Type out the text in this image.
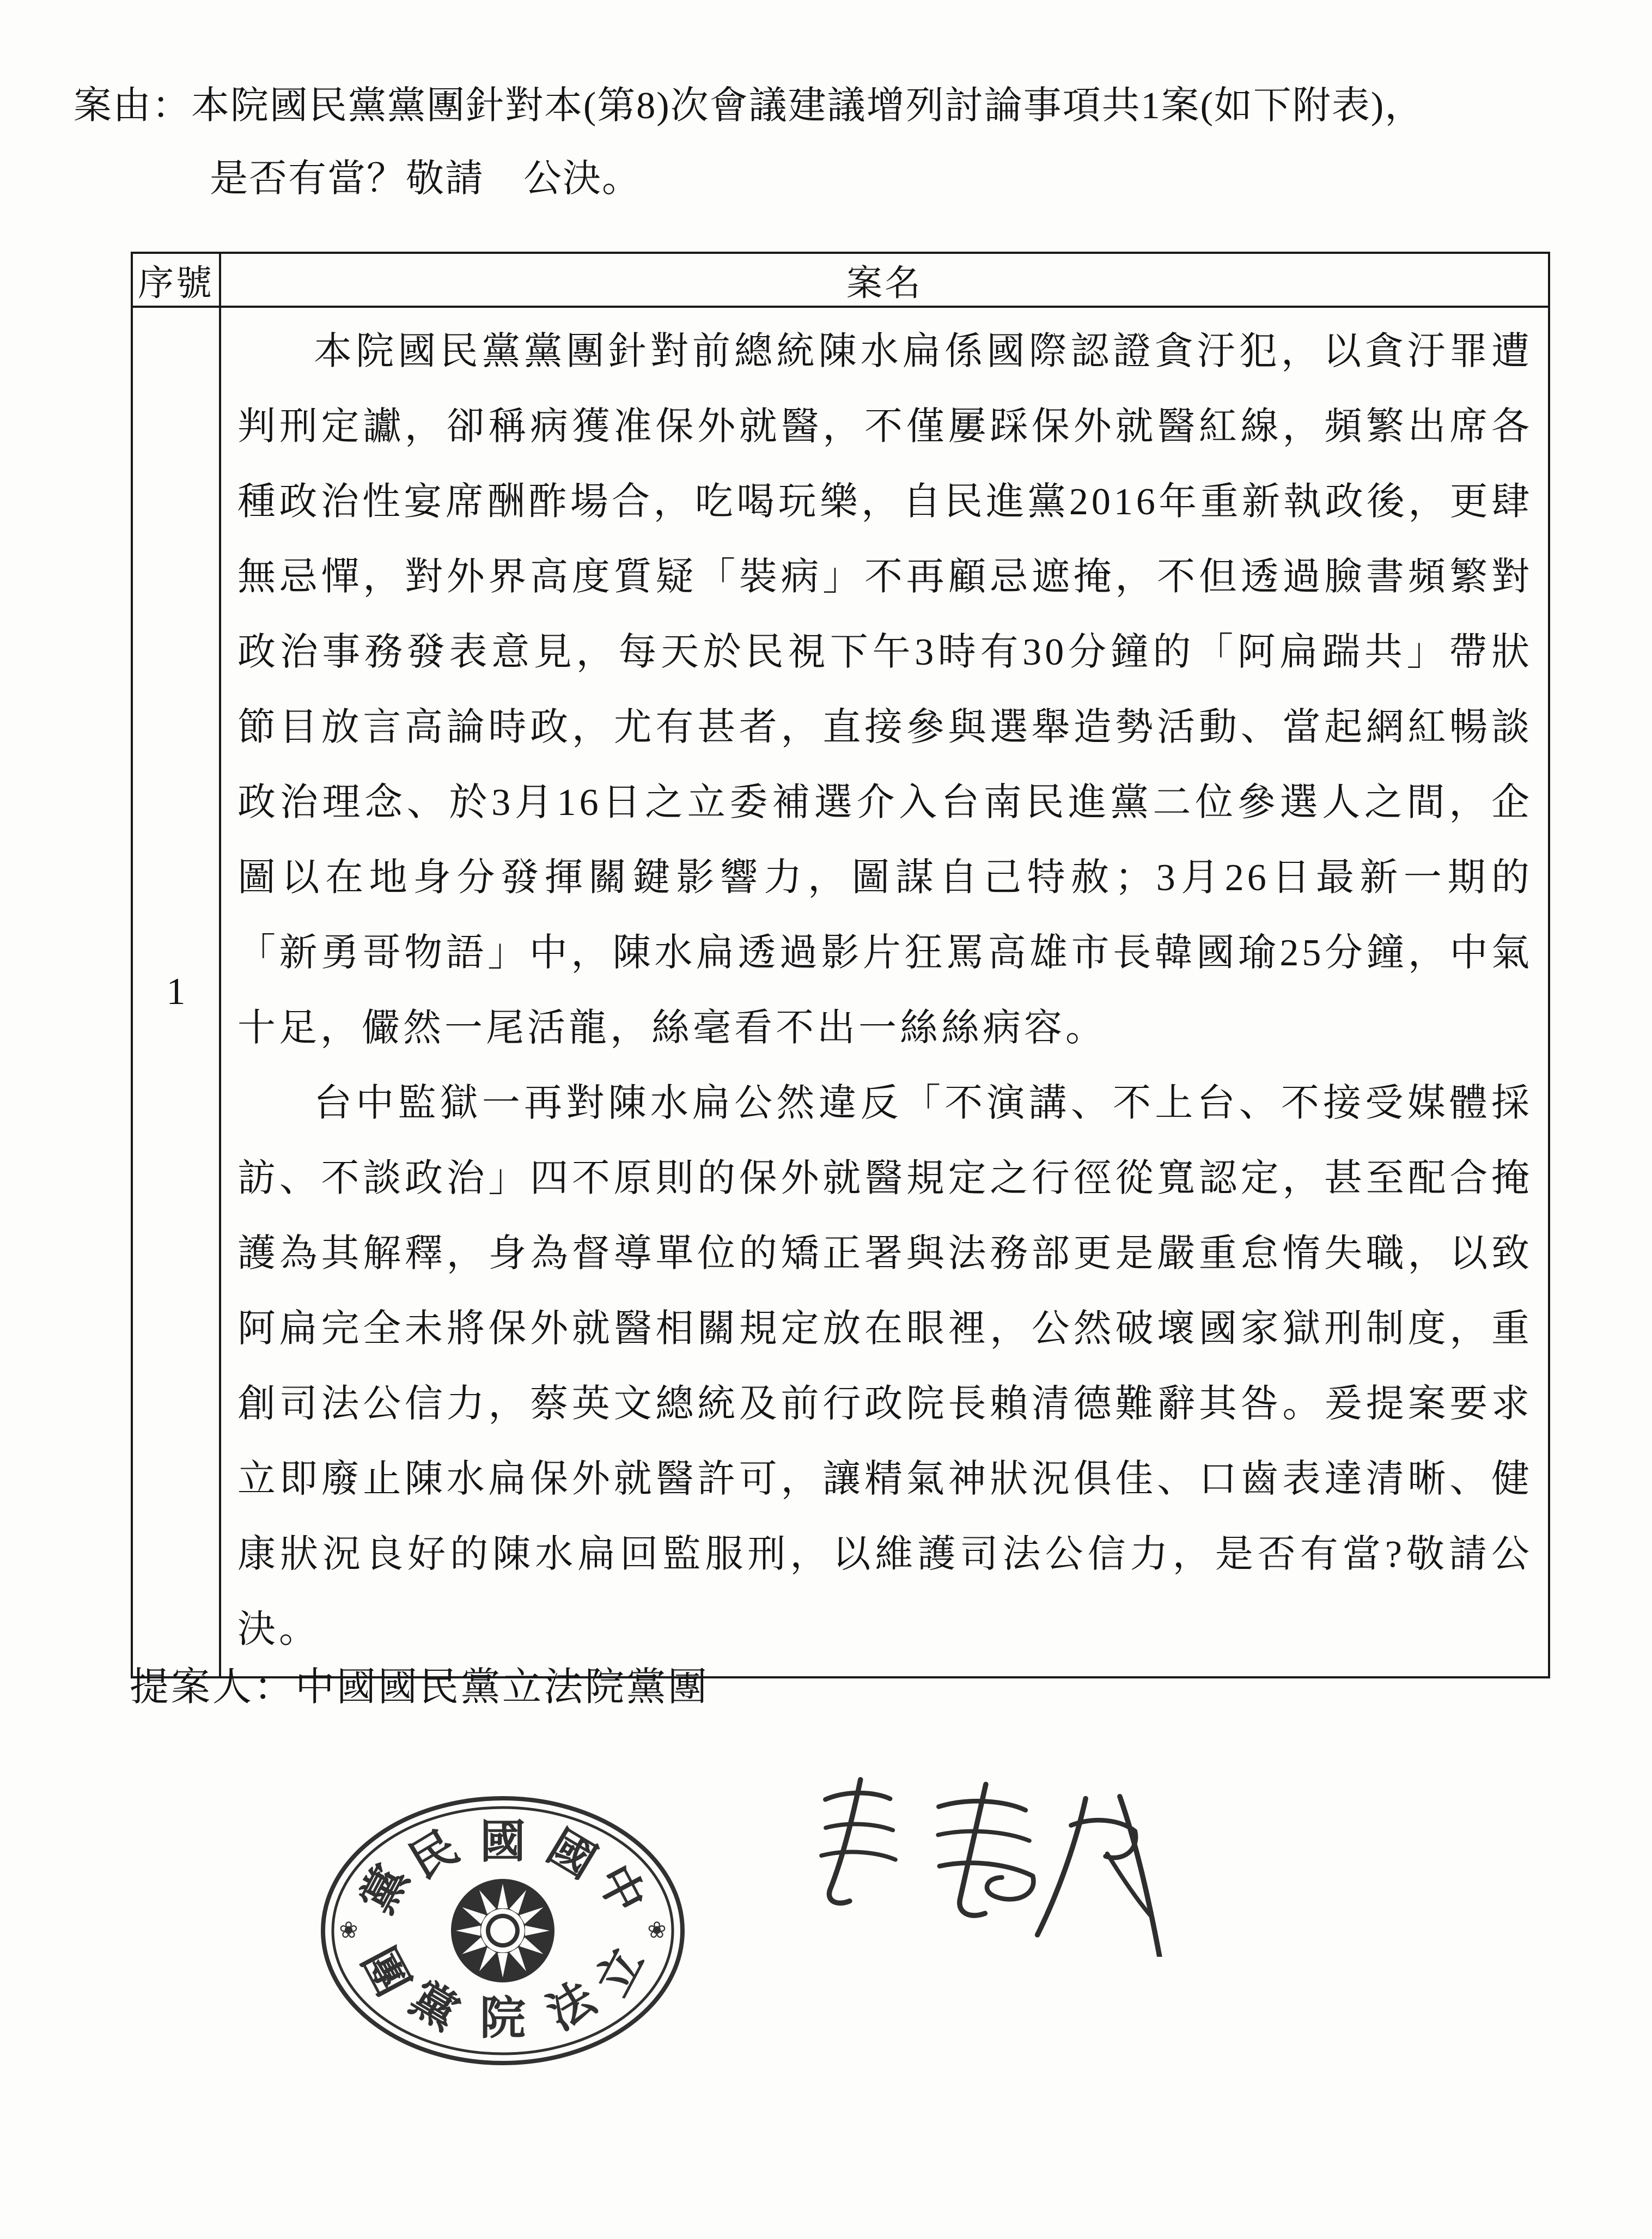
案由：本院國民黨黨團針對本(第8)次會議建議增列討論事項共1案(如下附表)，
是否有當？敬請　公決。
序號	案名
1	本院國民黨黨團針對前總統陳水扁係國際認證貪汙犯，以貪汙罪遭判刑定讞，卻稱病獲准保外就醫，不僅屢踩保外就醫紅線，頻繁出席各種政治性宴席酬酢場合，吃喝玩樂，自民進黨2016年重新執政後，更肆無忌憚，對外界高度質疑「裝病」不再顧忌遮掩，不但透過臉書頻繁對政治事務發表意見，每天於民視下午3時有30分鐘的「阿扁踹共」帶狀節目放言高論時政，尤有甚者，直接參與選舉造勢活動、當起網紅暢談政治理念、於3月16日之立委補選介入台南民進黨二位參選人之間，企圖以在地身分發揮關鍵影響力，圖謀自己特赦；3月26日最新一期的「新勇哥物語」中，陳水扁透過影片狂罵高雄市長韓國瑜25分鐘，中氣十足，儼然一尾活龍，絲毫看不出一絲絲病容。

台中監獄一再對陳水扁公然違反「不演講、不上台、不接受媒體採訪、不談政治」四不原則的保外就醫規定之行徑從寬認定，甚至配合掩護為其解釋，身為督導單位的矯正署與法務部更是嚴重怠惰失職，以致阿扁完全未將保外就醫相關規定放在眼裡，公然破壞國家獄刑制度，重創司法公信力，蔡英文總統及前行政院長賴清德難辭其咎。爰提案要求立即廢止陳水扁保外就醫許可，讓精氣神狀況俱佳、口齒表達清晰、健康狀況良好的陳水扁回監服刑，以維護司法公信力，是否有當?敬請公決。

提案人：中國國民黨立法院黨團
中
國
國
民
黨
立
法
院
黨
團
❀	❀
